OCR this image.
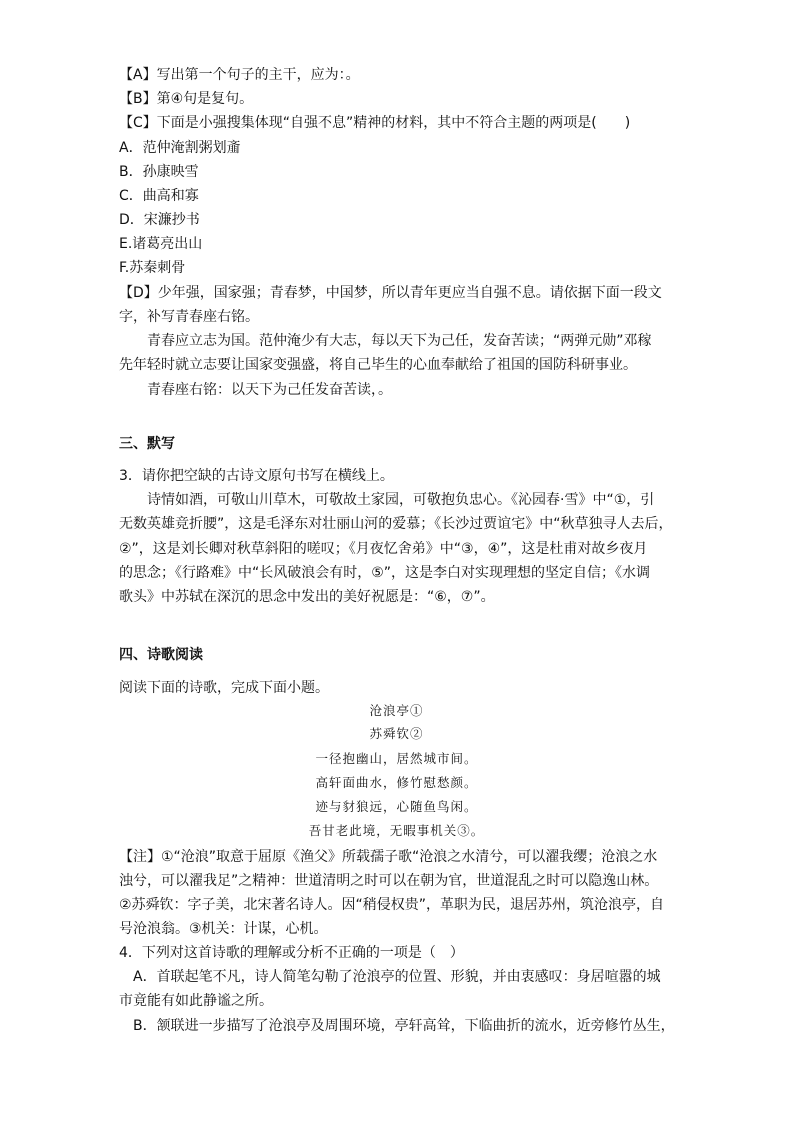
【A】写出第一个句子的主干，应为：。
【B】第④句是复句。
【C】下面是小强搜集体现“自强不息”精神的材料，其中不符合主题的两项是(　　)
A．范仲淹割粥划齑
B．孙康映雪
C．曲高和寡
D．宋濂抄书
E.诸葛亮出山
F.苏秦刺骨
【D】少年强，国家强；青春梦，中国梦，所以青年更应当自强不息。请依据下面一段文
字，补写青春座右铭。
青春应立志为国。范仲淹少有大志，每以天下为己任，发奋苦读；“两弹元勋”邓稼
先年轻时就立志要让国家变强盛，将自己毕生的心血奉献给了祖国的国防科研事业。
青春座右铭：以天下为己任发奋苦读，。
三、默写
3．请你把空缺的古诗文原句书写在横线上。
诗情如酒，可敬山川草木，可敬故土家园，可敬抱负忠心。《沁园春·雪》中“①，引
无数英雄竞折腰”，这是毛泽东对壮丽山河的爱慕；《长沙过贾谊宅》中“秋草独寻人去后，
②”，这是刘长卿对秋草斜阳的嗟叹；《月夜忆舍弟》中“③，④”，这是杜甫对故乡夜月
的思念；《行路难》中“长风破浪会有时，⑤”，这是李白对实现理想的坚定自信；《水调
歌头》中苏轼在深沉的思念中发出的美好祝愿是：“⑥，⑦”。
四、诗歌阅读
阅读下面的诗歌，完成下面小题。
沧浪亭①
苏舜钦②
一径抱幽山，居然城市间。
高轩面曲水，修竹慰愁颜。
迹与豺狼远，心随鱼鸟闲。
吾甘老此境，无暇事机关③。
【注】①“沧浪”取意于屈原《渔父》所载孺子歌“沧浪之水清兮，可以濯我缨；沧浪之水
浊兮，可以濯我足”之精神：世道清明之时可以在朝为官，世道混乱之时可以隐逸山林。
②苏舜钦：字子美，北宋著名诗人。因“稍侵权贵”，革职为民，退居苏州，筑沧浪亭，自
号沧浪翁。③机关：计谋，心机。
4．下列对这首诗歌的理解或分析不正确的一项是（　）
A．首联起笔不凡，诗人简笔勾勒了沧浪亭的位置、形貌，并由衷感叹：身居喧嚣的城
市竟能有如此静谧之所。
B．颔联进一步描写了沧浪亭及周围环境，亭轩高耸，下临曲折的流水，近旁修竹丛生，
